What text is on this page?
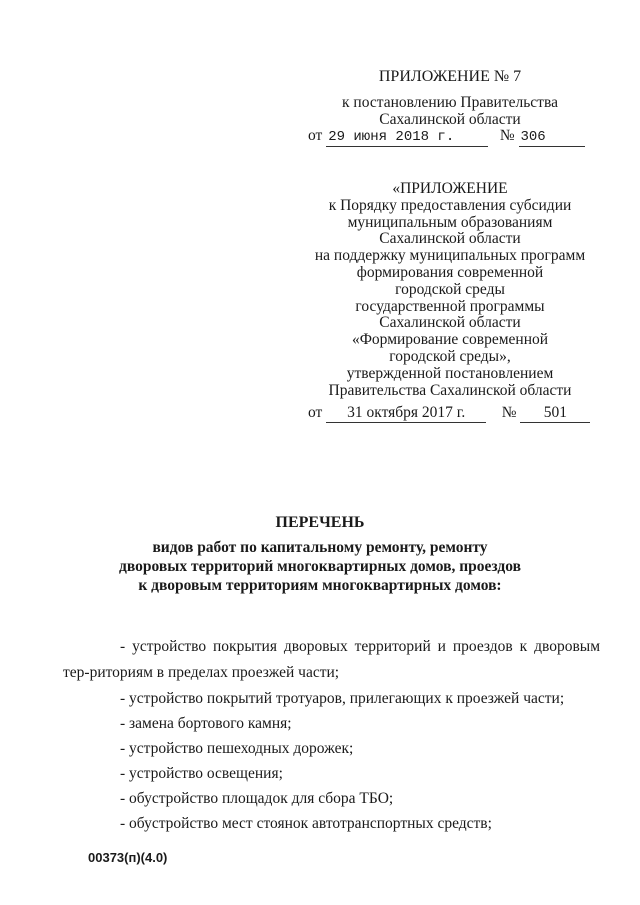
ПРИЛОЖЕНИЕ № 7
к постановлению Правительства
Сахалинской области
от 29 июня 2018 г.	№ 306
«ПРИЛОЖЕНИЕ
к Порядку предоставления субсидии
муниципальным образованиям
Сахалинской области
на поддержку муниципальных программ
формирования современной
городской среды
государственной программы
Сахалинской области
«Формирование современной
городской среды»,
утвержденной постановлением
Правительства Сахалинской области
от 31 октября 2017 г. № 501
ПЕРЕЧЕНЬ
видов работ по капитальному ремонту, ремонту
дворовых территорий многоквартирных домов, проездов
к дворовым территориям многоквартирных домов:

- устройство покрытия дворовых территорий и проездов к дворовым тер-риториям в пределах проезжей части;

- устройство покрытий тротуаров, прилегающих к проезжей части;

- замена бортового камня;

- устройство пешеходных дорожек;

- устройство освещения;

- обустройство площадок для сбора ТБО;

- обустройство мест стоянок автотранспортных средств;

00373(п)(4.0)
